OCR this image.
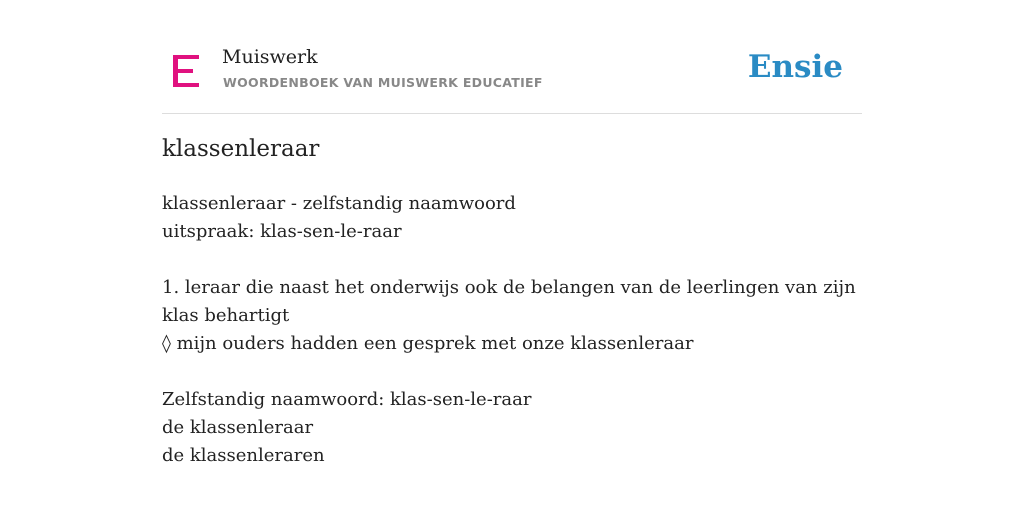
Muiswerk
WOORDENBOEK VAN MUISWERK EDUCATIEF	Ensie
klassenleraar
klassenleraar - zelfstandig naamwoord
uitspraak: klas-sen-le-raar
1. leraar die naast het onderwijs ook de belangen van de leerlingen van zijn klas behartigt
◊ mijn ouders hadden een gesprek met onze klassenleraar
Zelfstandig naamwoord: klas-sen-le-raar
de klassenleraar
de klassenleraren
